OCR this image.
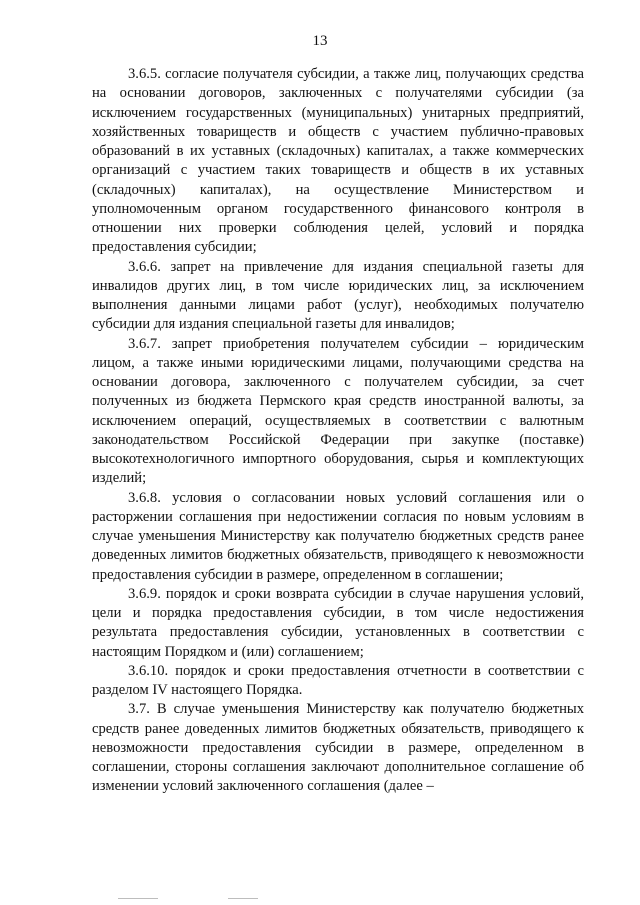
13

3.6.5. согласие получателя субсидии, а также лиц, получающих средства на основании договоров, заключенных с получателями субсидии (за исключением государственных (муниципальных) унитарных предприятий, хозяйственных товариществ и обществ с участием публично-правовых образований в их уставных (складочных) капиталах, а также коммерческих организаций с участием таких товариществ и обществ в их уставных (складочных) капиталах), на осуществление Министерством и уполномоченным органом государственного финансового контроля в отношении них проверки соблюдения целей, условий и порядка предоставления субсидии;

3.6.6. запрет на привлечение для издания специальной газеты для инвалидов других лиц, в том числе юридических лиц, за исключением выполнения данными лицами работ (услуг), необходимых получателю субсидии для издания специальной газеты для инвалидов;

3.6.7. запрет приобретения получателем субсидии – юридическим лицом, а также иными юридическими лицами, получающими средства на основании договора, заключенного с получателем субсидии, за счет полученных из бюджета Пермского края средств иностранной валюты, за исключением операций, осуществляемых в соответствии с валютным законодательством Российской Федерации при закупке (поставке) высокотехнологичного импортного оборудования, сырья и комплектующих изделий;

3.6.8. условия о согласовании новых условий соглашения или о расторжении соглашения при недостижении согласия по новым условиям в случае уменьшения Министерству как получателю бюджетных средств ранее доведенных лимитов бюджетных обязательств, приводящего к невозможности предоставления субсидии в размере, определенном в соглашении;

3.6.9. порядок и сроки возврата субсидии в случае нарушения условий, цели и порядка предоставления субсидии, в том числе недостижения результата предоставления субсидии, установленных в соответствии с настоящим Порядком и (или) соглашением;

3.6.10. порядок и сроки предоставления отчетности в соответствии с разделом IV настоящего Порядка.

3.7. В случае уменьшения Министерству как получателю бюджетных средств ранее доведенных лимитов бюджетных обязательств, приводящего к невозможности предоставления субсидии в размере, определенном в соглашении, стороны соглашения заключают дополнительное соглашение об изменении условий заключенного соглашения (далее –
